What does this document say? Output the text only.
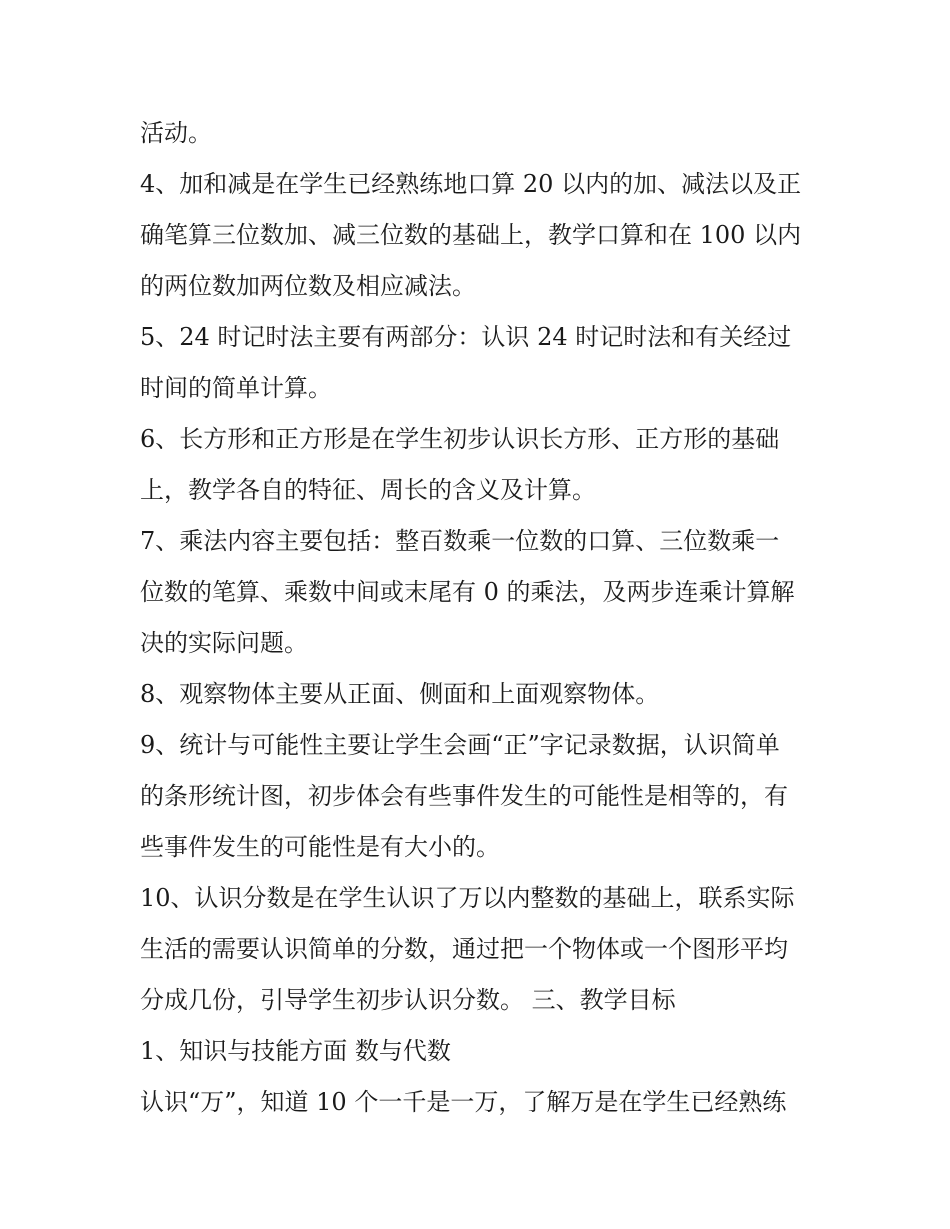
活动。
4、加和减是在学生已经熟练地口算 20 以内的加、减法以及正
确笔算三位数加、减三位数的基础上，教学口算和在 100 以内
的两位数加两位数及相应减法。
5、24 时记时法主要有两部分：认识 24 时记时法和有关经过
时间的简单计算。
6、长方形和正方形是在学生初步认识长方形、正方形的基础
上，教学各自的特征、周长的含义及计算。
7、乘法内容主要包括：整百数乘一位数的口算、三位数乘一
位数的笔算、乘数中间或末尾有 0 的乘法，及两步连乘计算解
决的实际问题。
8、观察物体主要从正面、侧面和上面观察物体。
9、统计与可能性主要让学生会画“正”字记录数据，认识简单
的条形统计图，初步体会有些事件发生的可能性是相等的，有
些事件发生的可能性是有大小的。
10、认识分数是在学生认识了万以内整数的基础上，联系实际
生活的需要认识简单的分数，通过把一个物体或一个图形平均
分成几份，引导学生初步认识分数。 三、教学目标
1、知识与技能方面 数与代数
认识“万”，知道 10 个一千是一万，了解万是在学生已经熟练
